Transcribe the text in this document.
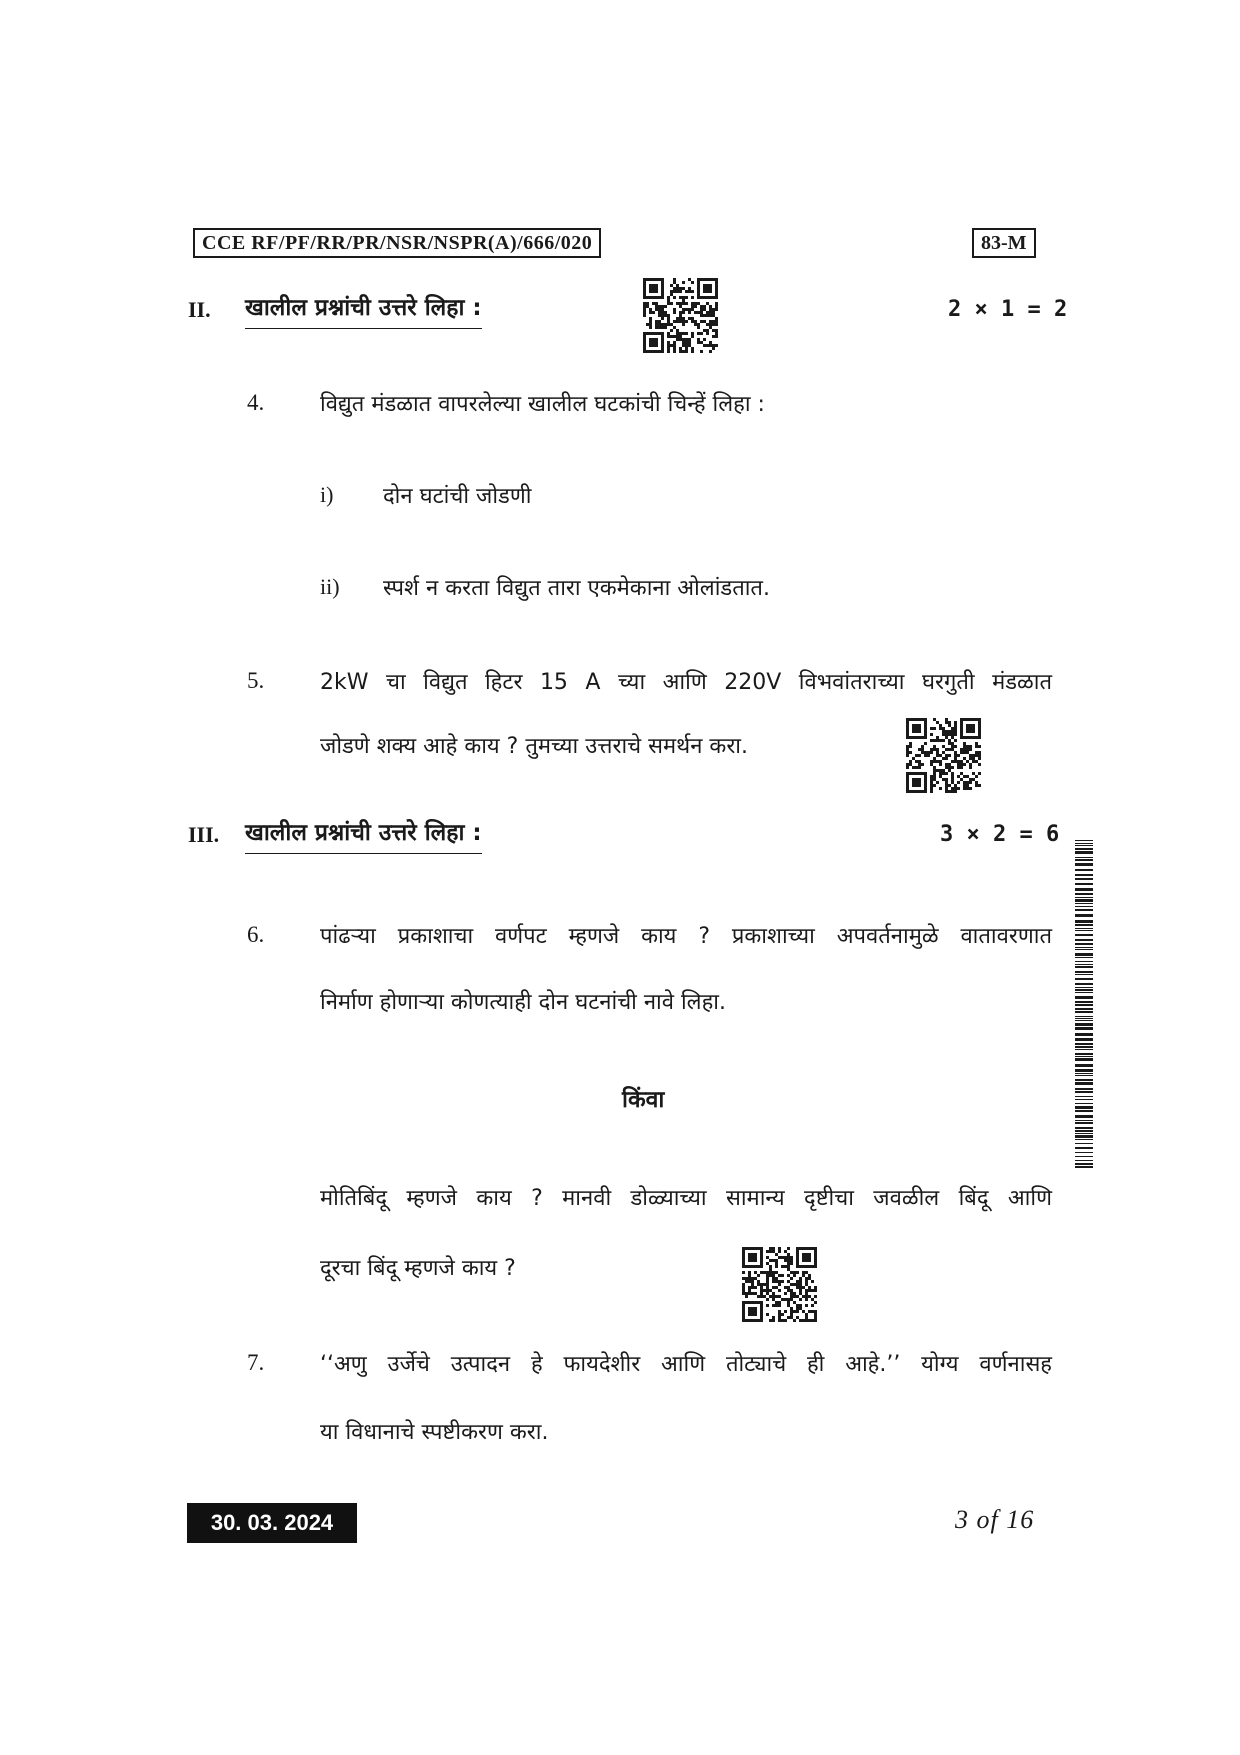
CCE RF/PF/RR/PR/NSR/NSPR(A)/666/020	83-M
II. खालील प्रश्नांची उत्तरे लिहा :	2 × 1 = 2
4.	विद्युत मंडळात वापरलेल्या खालील घटकांची चिन्हें लिहा :
i) दोन घटांची जोडणी
ii) स्पर्श न करता विद्युत तारा एकमेकाना ओलांडतात.
5.	2kW चा विद्युत हिटर 15 A च्या आणि 220V विभवांतराच्या घरगुती मंडळात
जोडणे शक्य आहे काय ? तुमच्या उत्तराचे समर्थन करा.
III. खालील प्रश्नांची उत्तरे लिहा :	3 × 2 = 6
6.	पांढऱ्या प्रकाशाचा वर्णपट म्हणजे काय ? प्रकाशाच्या अपवर्तनामुळे वातावरणात
निर्माण होणाऱ्या कोणत्याही दोन घटनांची नावे लिहा.
किंवा
मोतिबिंदू म्हणजे काय ? मानवी डोळ्याच्या सामान्य दृष्टीचा जवळील बिंदू आणि
दूरचा बिंदू म्हणजे काय ?
7.	‘‘अणु उर्जेचे उत्पादन हे फायदेशीर आणि तोट्याचे ही आहे.’’ योग्य वर्णनासह
या विधानाचे स्पष्टीकरण करा.
30. 03. 2024	3 of 16
